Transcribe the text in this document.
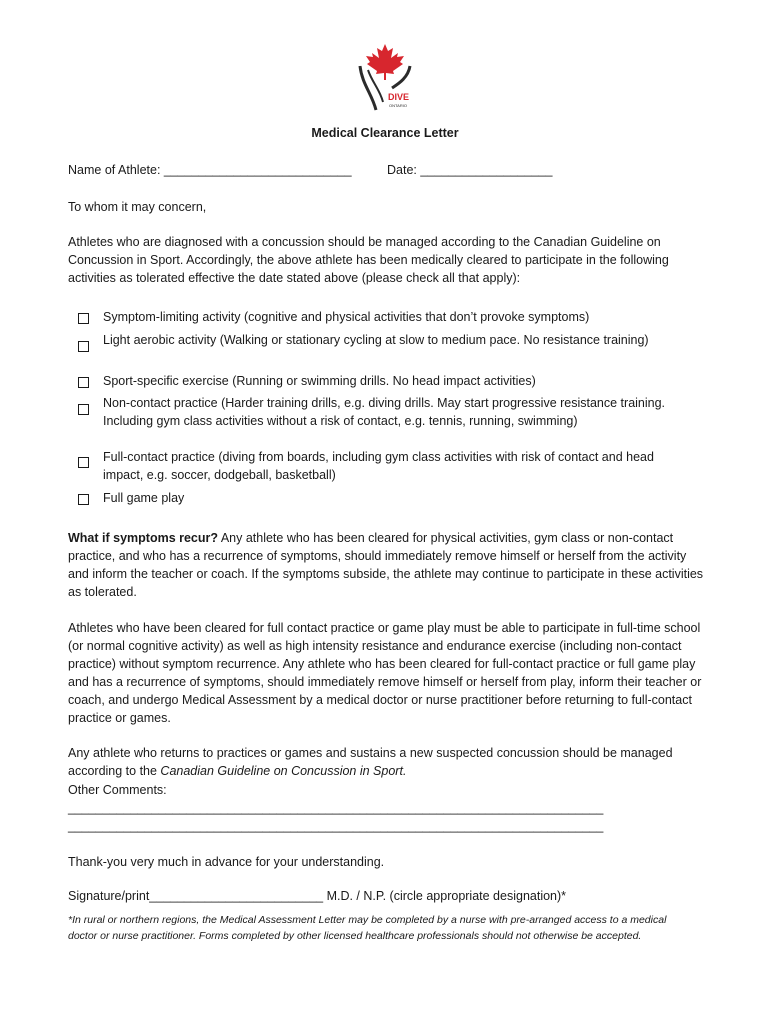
DIVE
ONTARIO
Medical Clearance Letter
Name of Athlete: ___________________________	Date: ___________________
To whom it may concern,
Athletes who are diagnosed with a concussion should be managed according to the Canadian Guideline on Concussion in Sport. Accordingly, the above athlete has been medically cleared to participate in the following activities as tolerated effective the date stated above (please check all that apply):
Symptom-limiting activity (cognitive and physical activities that don’t provoke symptoms)
Light aerobic activity (Walking or stationary cycling at slow to medium pace. No resistance training)
Sport-specific exercise (Running or swimming drills. No head impact activities)
Non-contact practice (Harder training drills, e.g. diving drills. May start progressive resistance training. Including gym class activities without a risk of contact, e.g. tennis, running, swimming)
Full-contact practice (diving from boards, including gym class activities with risk of contact and head impact, e.g. soccer, dodgeball, basketball)
Full game play
What if symptoms recur? Any athlete who has been cleared for physical activities, gym class or non-contact practice, and who has a recurrence of symptoms, should immediately remove himself or herself from the activity and inform the teacher or coach. If the symptoms subside, the athlete may continue to participate in these activities as tolerated.
Athletes who have been cleared for full contact practice or game play must be able to participate in full-time school (or normal cognitive activity) as well as high intensity resistance and endurance exercise (including non-contact practice) without symptom recurrence. Any athlete who has been cleared for full-contact practice or full game play and has a recurrence of symptoms, should immediately remove himself or herself from play, inform their teacher or coach, and undergo Medical Assessment by a medical doctor or nurse practitioner before returning to full-contact practice or games.
Any athlete who returns to practices or games and sustains a new suspected concussion should be managed according to the Canadian Guideline on Concussion in Sport.
Other Comments:
_____________________________________________________________________________
_____________________________________________________________________________
Thank-you very much in advance for your understanding.
Signature/print_________________________ M.D. / N.P. (circle appropriate designation)*
*In rural or northern regions, the Medical Assessment Letter may be completed by a nurse with pre-arranged access to a medical doctor or nurse practitioner. Forms completed by other licensed healthcare professionals should not otherwise be accepted.
